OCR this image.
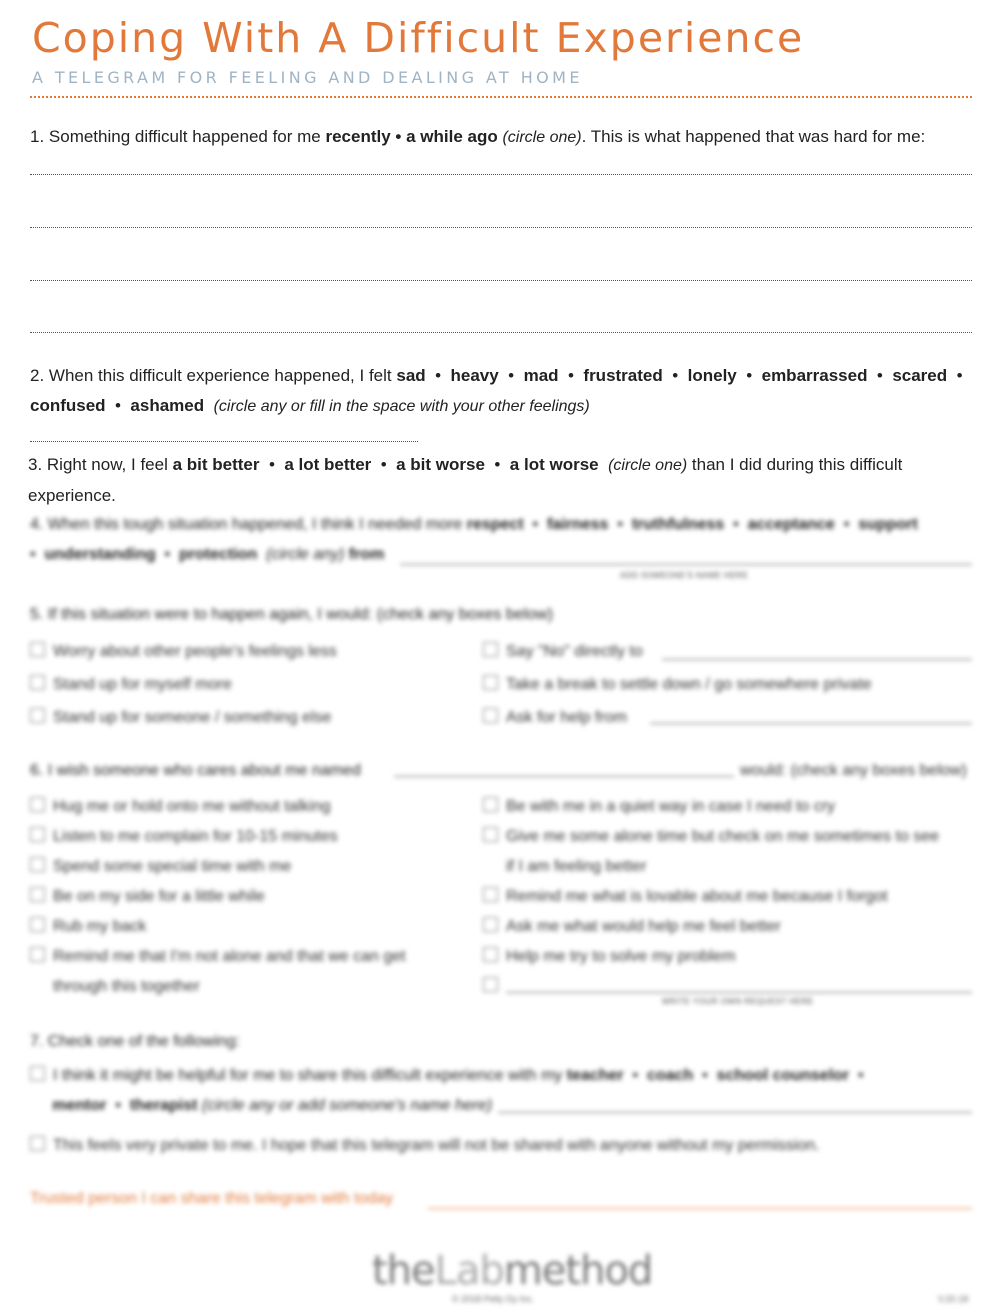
Coping With A Difficult Experience
A TELEGRAM FOR FEELING AND DEALING AT HOME
1. Something difficult happened for me recently • a while ago (circle one). This is what happened that was hard for me:
2. When this difficult experience happened, I felt sad  •  heavy  •  mad  •  frustrated  •  lonely  •  embarrassed  •  scared  •
confused  •  ashamed (circle any or fill in the space with your other feelings)
3. Right now, I feel a bit better  •  a lot better  •  a bit worse  •  a lot worse (circle one) than I did during this difficult experience.
4. When this tough situation happened, I think I needed more respect  •  fairness  •  truthfulness  •  acceptance  •  support
•  understanding  •  protection (circle any) from
ADD SOMEONE'S NAME HERE
5. If this situation were to happen again, I would: (check any boxes below)
Worry about other people's feelings less
Stand up for myself more
Stand up for someone / something else
Say "No" directly to
Take a break to settle down / go somewhere private
Ask for help from
6. I wish someone who cares about me named	would: (check any boxes below)
Hug me or hold onto me without talking
Listen to me complain for 10-15 minutes
Spend some special time with me
Be on my side for a little while
Rub my back
Remind me that I'm not alone and that we can get
through this together
Be with me in a quiet way in case I need to cry
Give me some alone time but check on me sometimes to see
if I am feeling better
Remind me what is lovable about me because I forgot
Ask me what would help me feel better
Help me try to solve my problem
WRITE YOUR OWN REQUEST HERE
7. Check one of the following:
I think it might be helpful for me to share this difficult experience with my teacher  •  coach  •  school counselor  •
mentor  •  therapist (circle any or add someone's name here)
This feels very private to me. I hope that this telegram will not be shared with anyone without my permission.
Trusted person I can share this telegram with today
theLabmethod
© 2018 Pelly Oy Inc.	V.20.18
